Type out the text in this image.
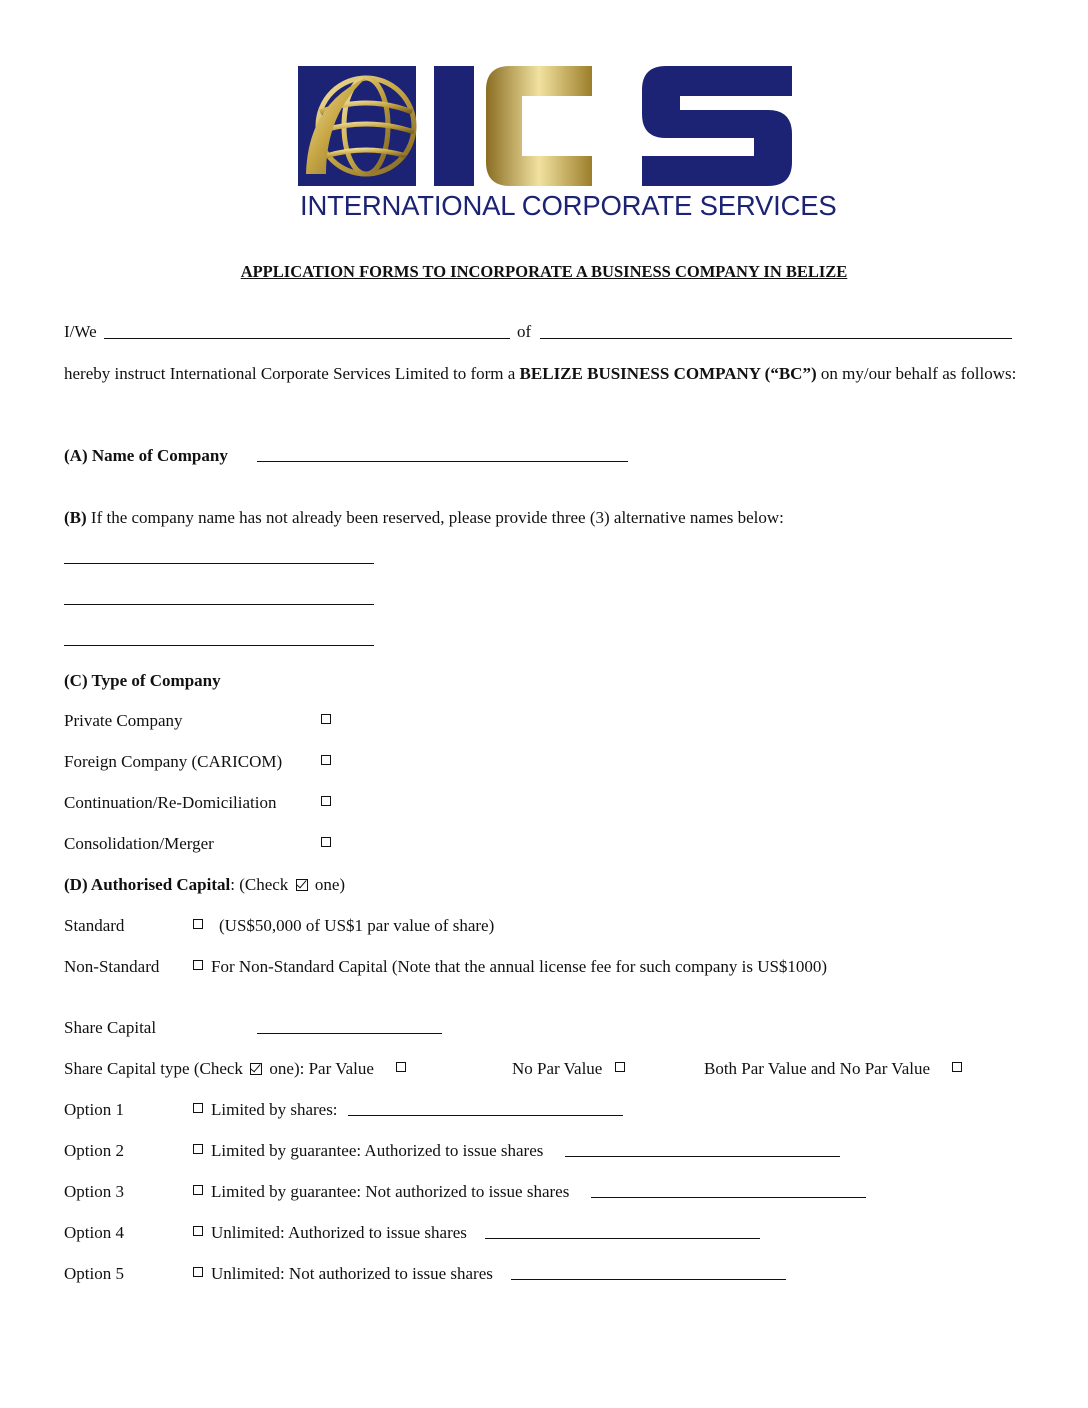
INTERNATIONAL CORPORATE SERVICES
APPLICATION FORMS TO INCORPORATE A BUSINESS COMPANY IN BELIZE
I/We	of
hereby instruct International Corporate Services Limited to form a BELIZE BUSINESS COMPANY (“BC”) on my/our behalf as follows:
(A) Name of Company
(B) If the company name has not already been reserved, please provide three (3) alternative names below:
(C) Type of Company
Private Company
Foreign Company (CARICOM)
Continuation/Re-Domiciliation
Consolidation/Merger
(D) Authorised Capital: (Check  one)
Standard	(US$50,000 of US$1 par value of share)
Non-Standard	For Non-Standard Capital (Note that the annual license fee for such company is US$1000)
Share Capital
Share Capital type (Check  one): Par Value	No Par Value	Both Par Value and No Par Value
Option 1	Limited by shares:
Option 2	Limited by guarantee: Authorized to issue shares
Option 3	Limited by guarantee: Not authorized to issue shares
Option 4	Unlimited: Authorized to issue shares
Option 5	Unlimited: Not authorized to issue shares
